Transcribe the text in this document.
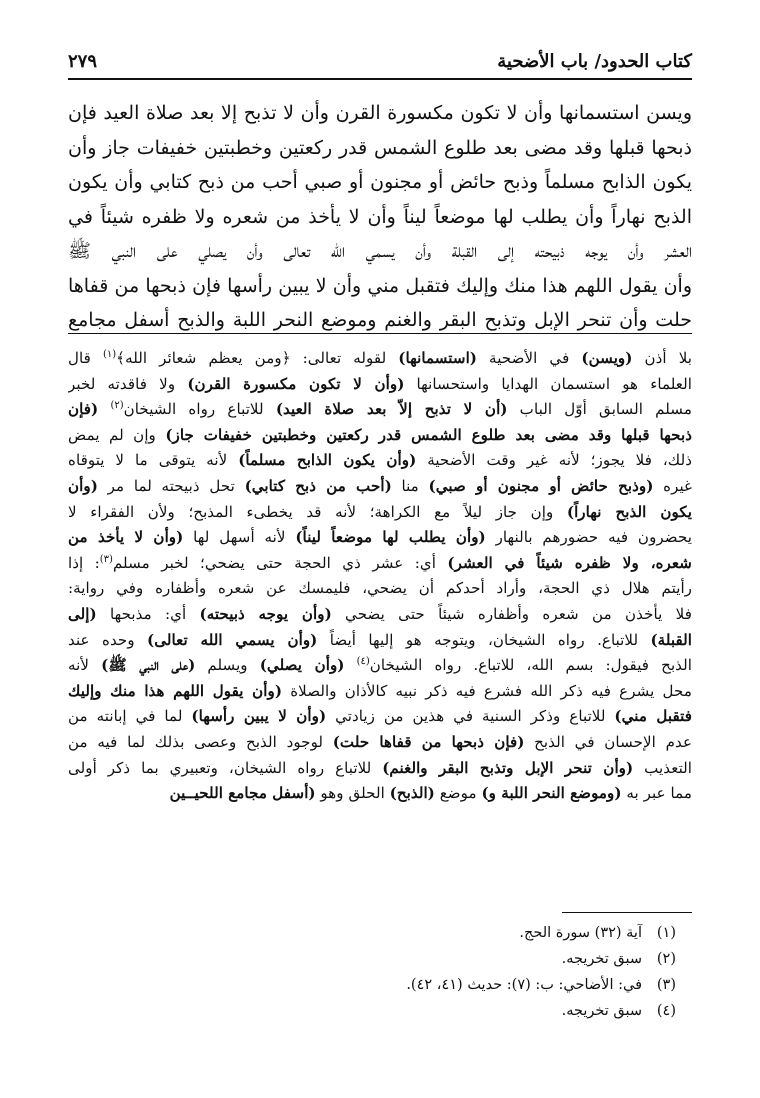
كتاب الحدود/ باب الأضحية
٢٧٩
ويسن استسمانها وأن لا تكون مكسورة القرن وأن لا تذبح إلا بعد صلاة العيد فإن
ذبحها قبلها وقد مضى بعد طلوع الشمس قدر ركعتين وخطبتين خفيفات جاز وأن
يكون الذابح مسلماً وذبح حائض أو مجنون أو صبي أحب من ذبح كتابي وأن يكون
الذبح نهاراً وأن يطلب لها موضعاً ليناً وأن لا يأخذ من شعره ولا ظفره شيئاً في
العشر وأن يوجه ذبيحته إلى القبلة وأن يسمي الله تعالى وأن يصلي على النبي ﷺ
وأن يقول اللهم هذا منك وإليك فتقبل مني وأن لا يبين رأسها فإن ذبحها من قفاها
حلت وأن تنحر الإبل وتذبح البقر والغنم وموضع النحر اللبة والذبح أسفل مجامع
بلا أذن (ويسن) في الأضحية (استسمانها) لقوله تعالى: ﴿ومن يعظم شعائر الله﴾$^{(١)}$ قال
العلماء هو استسمان الهدايا واستحسانها (وأن لا تكون مكسورة القرن) ولا فاقدته لخبر
مسلم السابق أوّل الباب (أن لا تذبح إلاّ بعد صلاة العيد) للاتباع رواه الشيخان$^{(٢)}$ (فإن
ذبحها قبلها وقد مضى بعد طلوع الشمس قدر ركعتين وخطبتين خفيفات جاز) وإن لم يمض
ذلك، فلا يجوز؛ لأنه غير وقت الأضحية (وأن يكون الذابح مسلماً) لأنه يتوقى ما لا يتوقاه
غيره (وذبح حائض أو مجنون أو صبي) منا (أحب من ذبح كتابي) تحل ذبيحته لما مر (وأن
يكون الذبح نهاراً) وإن جاز ليلاً مع الكراهة؛ لأنه قد يخطىء المذبح؛ ولأن الفقراء لا
يحضرون فيه حضورهم بالنهار (وأن يطلب لها موضعاً ليناً) لأنه أسهل لها (وأن لا يأخذ من
شعره، ولا ظفره شيئاً في العشر) أي: عشر ذي الحجة حتى يضحي؛ لخبر مسلم$^{(٣)}$: إذا
رأيتم هلال ذي الحجة، وأراد أحدكم أن يضحي، فليمسك عن شعره وأظفاره وفي رواية:
فلا يأخذن من شعره وأظفاره شيئاً حتى يضحي (وأن يوجه ذبيحته) أي: مذبحها (إلى
القبلة) للاتباع. رواه الشيخان، ويتوجه هو إليها أيضاً (وأن يسمي الله تعالى) وحده عند
الذبح فيقول: بسم الله، للاتباع. رواه الشيخان$^{(٤)}$ (وأن يصلي) ويسلم (على النبي ﷺ) لأنه
محل يشرع فيه ذكر الله فشرع فيه ذكر نبيه كالأذان والصلاة (وأن يقول اللهم هذا منك وإليك
فتقبل مني) للاتباع وذكر السنية في هذين من زيادتي (وأن لا يبين رأسها) لما في إبانته من
عدم الإحسان في الذبح (فإن ذبحها من قفاها حلت) لوجود الذبح وعصى بذلك لما فيه من
التعذيب (وأن تنحر الإبل وتذبح البقر والغنم) للاتباع رواه الشيخان، وتعبيري بما ذكر أولى
مما عبر به (وموضع النحر اللبة و) موضع (الذبح) الحلق وهو (أسفل مجامع اللحيــين
(١)آية (٣٢) سورة الحج.
(٢)سبق تخريجه.
(٣)في: الأضاحي: ب: (٧): حديث (٤١، ٤٢).
(٤)سبق تخريجه.
